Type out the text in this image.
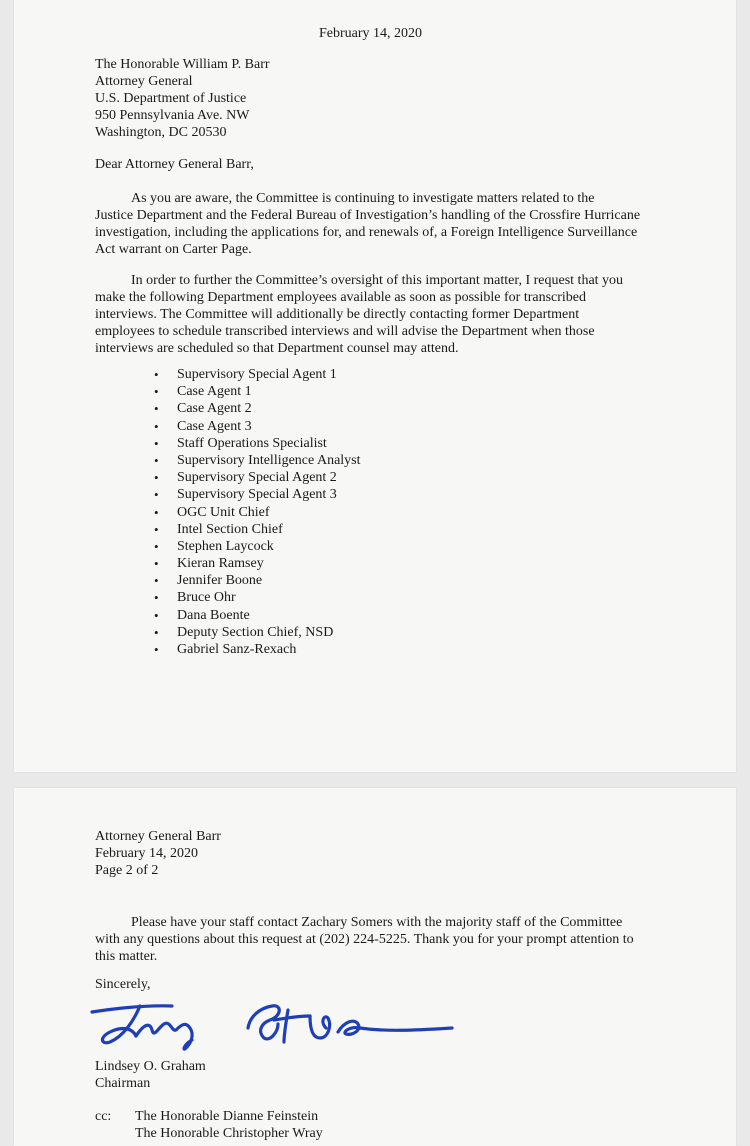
February 14, 2020
The Honorable William P. Barr
Attorney General
U.S. Department of Justice
950 Pennsylvania Ave. NW
Washington, DC 20530
Dear Attorney General Barr,
As you are aware, the Committee is continuing to investigate matters related to the
Justice Department and the Federal Bureau of Investigation’s handling of the Crossfire Hurricane
investigation, including the applications for, and renewals of, a Foreign Intelligence Surveillance
Act warrant on Carter Page.
In order to further the Committee’s oversight of this important matter, I request that you
make the following Department employees available as soon as possible for transcribed
interviews. The Committee will additionally be directly contacting former Department
employees to schedule transcribed interviews and will advise the Department when those
interviews are scheduled so that Department counsel may attend.
• Supervisory Special Agent 1
• Case Agent 1
• Case Agent 2
• Case Agent 3
• Staff Operations Specialist
• Supervisory Intelligence Analyst
• Supervisory Special Agent 2
• Supervisory Special Agent 3
• OGC Unit Chief
• Intel Section Chief
• Stephen Laycock
• Kieran Ramsey
• Jennifer Boone
• Bruce Ohr
• Dana Boente
• Deputy Section Chief, NSD
• Gabriel Sanz-Rexach
Attorney General Barr
February 14, 2020
Page 2 of 2
Please have your staff contact Zachary Somers with the majority staff of the Committee
with any questions about this request at (202) 224-5225. Thank you for your prompt attention to
this matter.
Sincerely,
Lindsey O. Graham
Chairman
cc: The Honorable Dianne Feinstein
The Honorable Christopher Wray
